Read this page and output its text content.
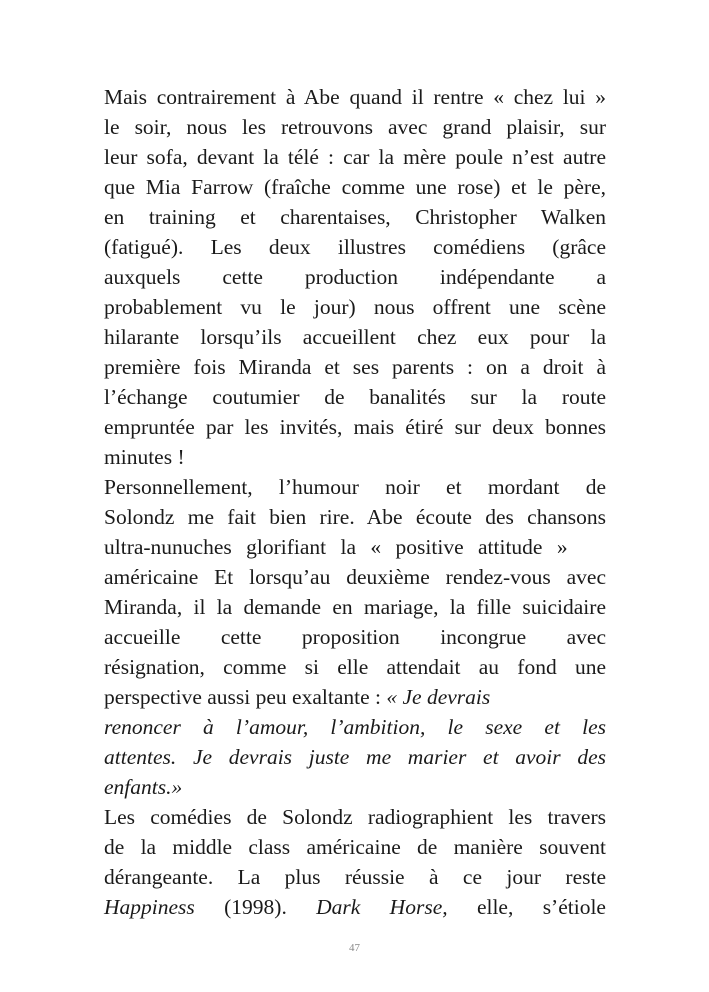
Mais contrairement à Abe quand il rentre « chez lui »
le soir, nous les retrouvons avec grand plaisir, sur
leur sofa, devant la télé : car la mère poule n’est autre
que Mia Farrow (fraîche comme une rose) et le père,
en training et charentaises, Christopher Walken
(fatigué). Les deux illustres comédiens (grâce
auxquels cette production indépendante a
probablement vu le jour) nous offrent une scène
hilarante lorsqu’ils accueillent chez eux pour la
première fois Miranda et ses parents : on a droit à
l’échange coutumier de banalités sur la route
empruntée par les invités, mais étiré sur deux bonnes
minutes !
Personnellement, l’humour noir et mordant de
Solondz me fait bien rire. Abe écoute des chansons
ultra-nunuches glorifiant la « positive attitude »
américaine Et lorsqu’au deuxième rendez-vous avec
Miranda, il la demande en mariage, la fille suicidaire
accueille cette proposition incongrue avec
résignation, comme si elle attendait au fond une
perspective aussi peu exaltante : « Je devrais
renoncer à l’amour, l’ambition, le sexe et les
attentes. Je devrais juste me marier et avoir des
enfants.»
Les comédies de Solondz radiographient les travers
de la middle class américaine de manière souvent
dérangeante. La plus réussie à ce jour reste
Happiness (1998). Dark Horse, elle, s’étiole
47
